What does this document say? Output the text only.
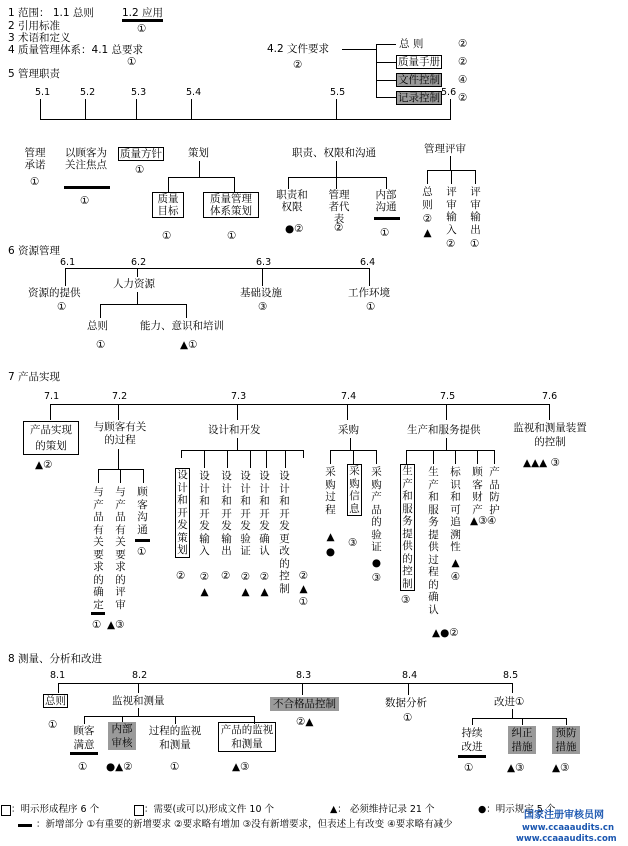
1 范围： 1.1 总则	1.2 应用
①
2 引用标准
3 术语和定义
4 质量管理体系：4.1 总要求
①
4.2 文件要求
②
总 则	②
质量手册 ②
文件控制 ④
记录控制 ②
5 管理职责
5.1	5.2	5.3	5.4	5.5	5.6
管理承诺
①
以顾客为关注焦点
①
质量方针
①
策划
质量目标
①
质量管理体系策划
①
职责、权限和沟通
职责和权限
●②
管理者代表
②
内部沟通
①
管理评审
总则
②▲
评审输入
②
评审输出
①
6 资源管理
6.1	6.2	6.3	6.4
资源的提供
①
人力资源
总则
①
能力、意识和培训
▲①
基础设施
③
工作环境
①
7 产品实现
7.1	7.2	7.3	7.4	7.5	7.6
产品实现的策划
▲②
与顾客有关的过程
与产品有关要求的确定
①
与产品有关要求的评审
▲③
顾客沟通
①
设计和开发
设计和开发策划
②
设计和开发输入
②▲
设计和开发输出
②
设计和开发验证
②▲
设计和开发确认
②▲
设计和开发更改的控制
②▲①
采购
采购过程
▲●
采购信息
③
采购产品的验证
●③
生产和服务提供
生产和服务提供的控制
③
生产和服务提供过程的确认
▲●②
标识和可追溯性
▲④
顾客财产
▲③
产品防护
④
监视和测量装置的控制
▲▲▲ ③
8 测量、分析和改进
8.1	8.2	8.3	8.4	8.5
总则
①
监视和测量
顾客满意
①
内部审核
●▲②
过程的监视和测量
①
产品的监视和测量
▲③
不合格品控制
②▲
数据分析
①
改进①
持续改进
①
纠正措施
▲③
预防措施
▲③
：明示形成程序 6 个	：需要(或可以)形成文件 10 个	▲： 必须维持记录 21 个	●：明示规定 5 个
：新增部分 ①有重要的新增要求 ②要求略有增加 ③没有新增要求，但表述上有改变 ④要求略有减少
国家注册审核员网
www.ccaaaudits.cn
www.ccaaaudits.com
